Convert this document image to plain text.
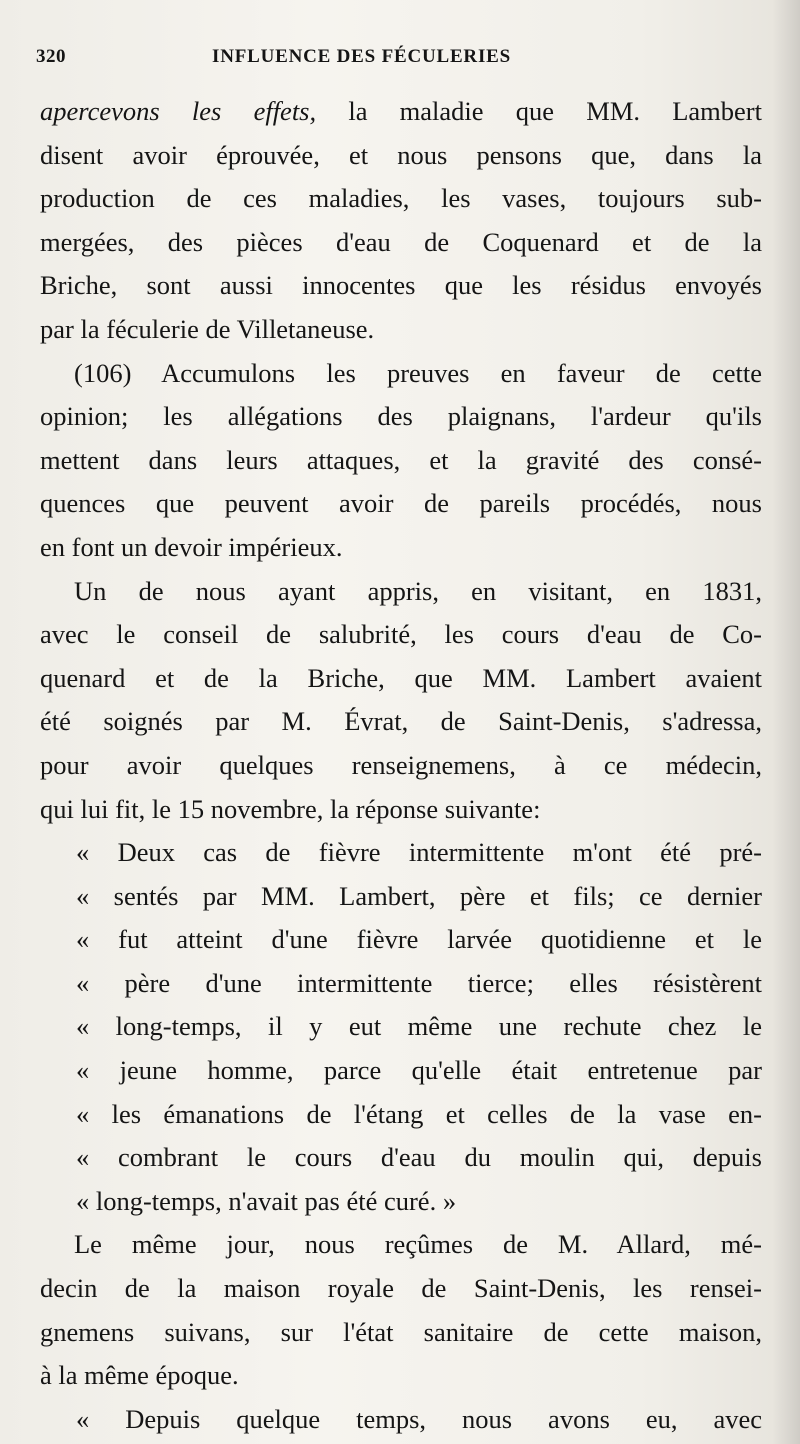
320	INFLUENCE DES FÉCULERIES
apercevons les effets, la maladie que MM. Lambert
disent avoir éprouvée, et nous pensons que, dans la
production de ces maladies, les vases, toujours sub-
mergées, des pièces d'eau de Coquenard et de la
Briche, sont aussi innocentes que les résidus envoyés
par la féculerie de Villetaneuse.
(106) Accumulons les preuves en faveur de cette
opinion; les allégations des plaignans, l'ardeur qu'ils
mettent dans leurs attaques, et la gravité des consé-
quences que peuvent avoir de pareils procédés, nous
en font un devoir impérieux.
Un de nous ayant appris, en visitant, en 1831,
avec le conseil de salubrité, les cours d'eau de Co-
quenard et de la Briche, que MM. Lambert avaient
été soignés par M. Évrat, de Saint-Denis, s'adressa,
pour avoir quelques renseignemens, à ce médecin,
qui lui fit, le 15 novembre, la réponse suivante:
« Deux cas de fièvre intermittente m'ont été pré-
« sentés par MM. Lambert, père et fils; ce dernier
« fut atteint d'une fièvre larvée quotidienne et le
« père d'une intermittente tierce; elles résistèrent
« long-temps, il y eut même une rechute chez le
« jeune homme, parce qu'elle était entretenue par
« les émanations de l'étang et celles de la vase en-
« combrant le cours d'eau du moulin qui, depuis
« long-temps, n'avait pas été curé. »
Le même jour, nous reçûmes de M. Allard, mé-
decin de la maison royale de Saint-Denis, les rensei-
gnemens suivans, sur l'état sanitaire de cette maison,
à la même époque.
« Depuis quelque temps, nous avons eu, avec
